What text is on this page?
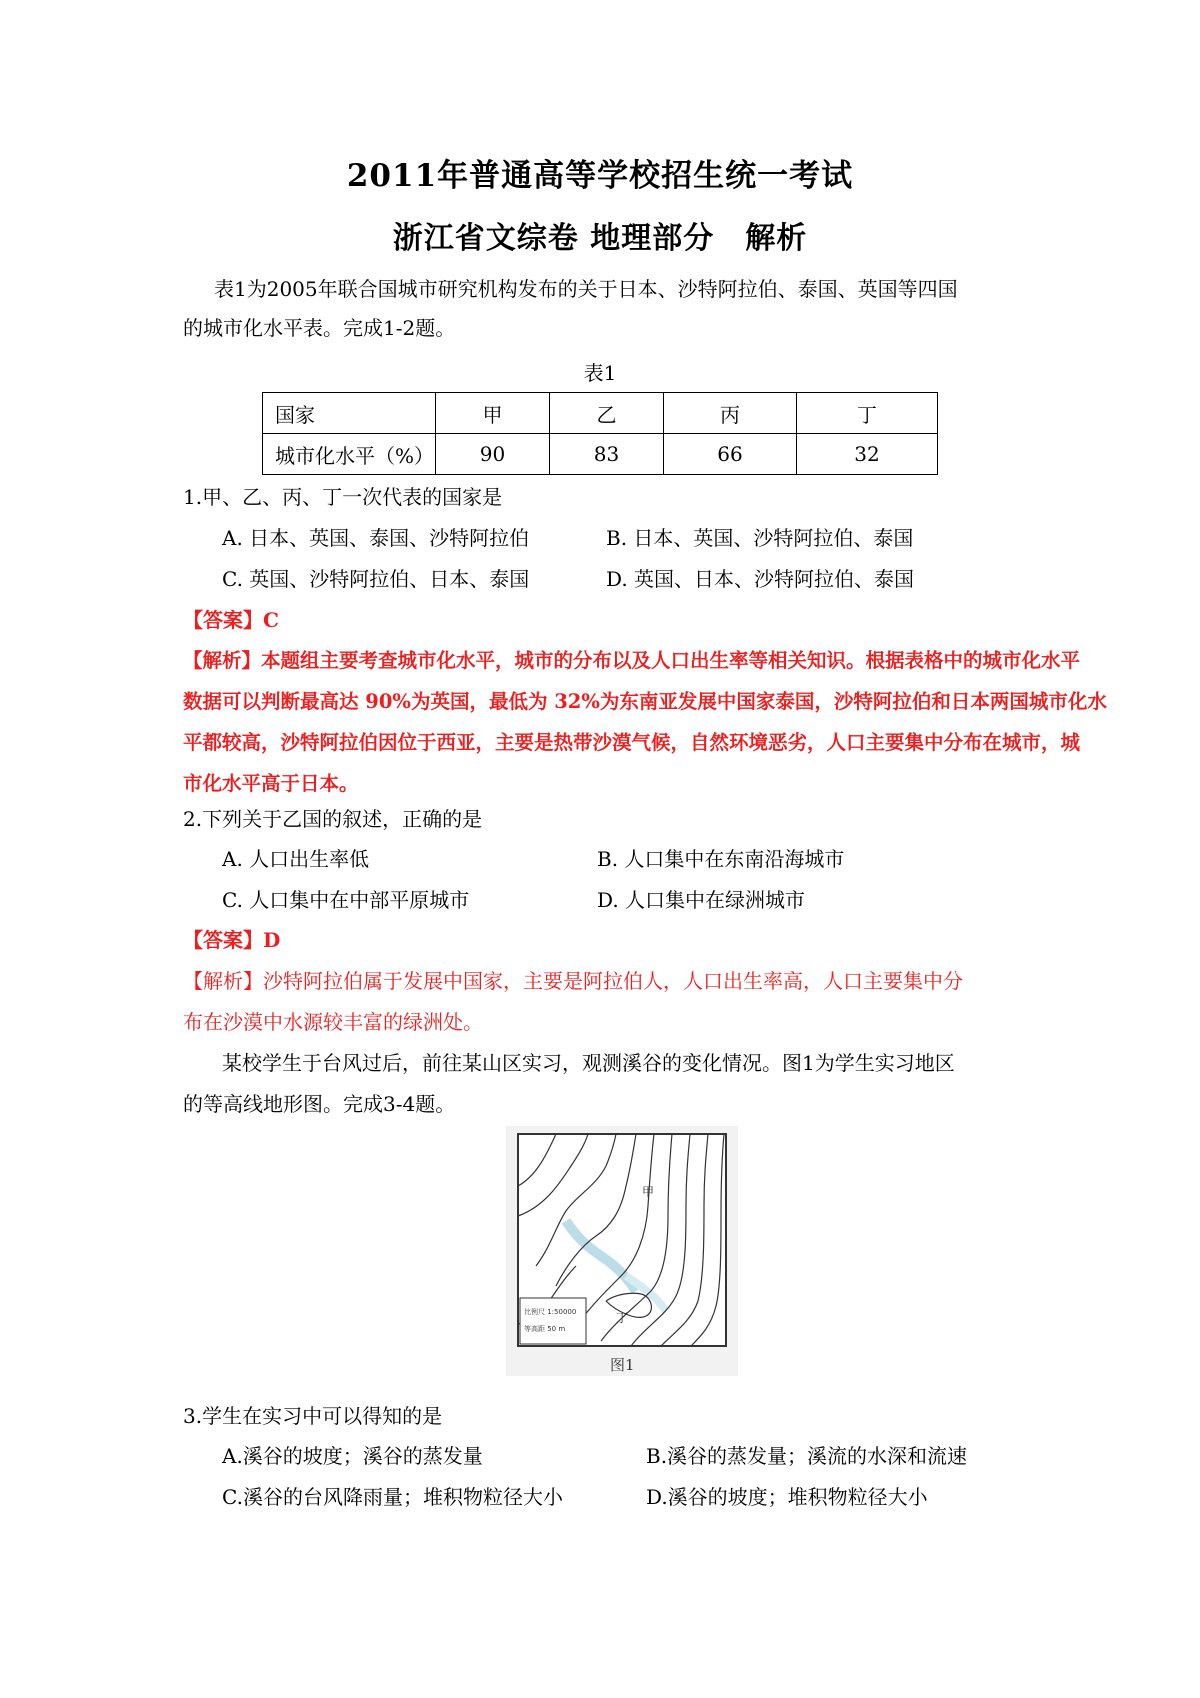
2011年普通高等学校招生统一考试
浙江省文综卷 地理部分　解析
表1为2005年联合国城市研究机构发布的关于日本、沙特阿拉伯、泰国、英国等四国
的城市化水平表。完成1-2题。
表1
国家	甲	乙	丙	丁
城市化水平（%）	90	83	66	32
1.甲、乙、丙、丁一次代表的国家是
A. 日本、英国、泰国、沙特阿拉伯	B. 日本、英国、沙特阿拉伯、泰国
C. 英国、沙特阿拉伯、日本、泰国	D. 英国、日本、沙特阿拉伯、泰国
【答案】C
【解析】本题组主要考查城市化水平，城市的分布以及人口出生率等相关知识。根据表格中的城市化水平
数据可以判断最高达 90%为英国，最低为 32%为东南亚发展中国家泰国，沙特阿拉伯和日本两国城市化水
平都较高，沙特阿拉伯因位于西亚，主要是热带沙漠气候，自然环境恶劣，人口主要集中分布在城市，城
市化水平高于日本。
2.下列关于乙国的叙述，正确的是
A. 人口出生率低	B. 人口集中在东南沿海城市
C. 人口集中在中部平原城市	D. 人口集中在绿洲城市
【答案】D
【解析】沙特阿拉伯属于发展中国家，主要是阿拉伯人，人口出生率高，人口主要集中分
布在沙漠中水源较丰富的绿洲处。
某校学生于台风过后，前往某山区实习，观测溪谷的变化情况。图1为学生实习地区
的等高线地形图。完成3-4题。
比例尺 1:50000
等高距 50 m
甲
丁
图1
3.学生在实习中可以得知的是
A.溪谷的坡度；溪谷的蒸发量	B.溪谷的蒸发量；溪流的水深和流速
C.溪谷的台风降雨量；堆积物粒径大小	D.溪谷的坡度；堆积物粒径大小
